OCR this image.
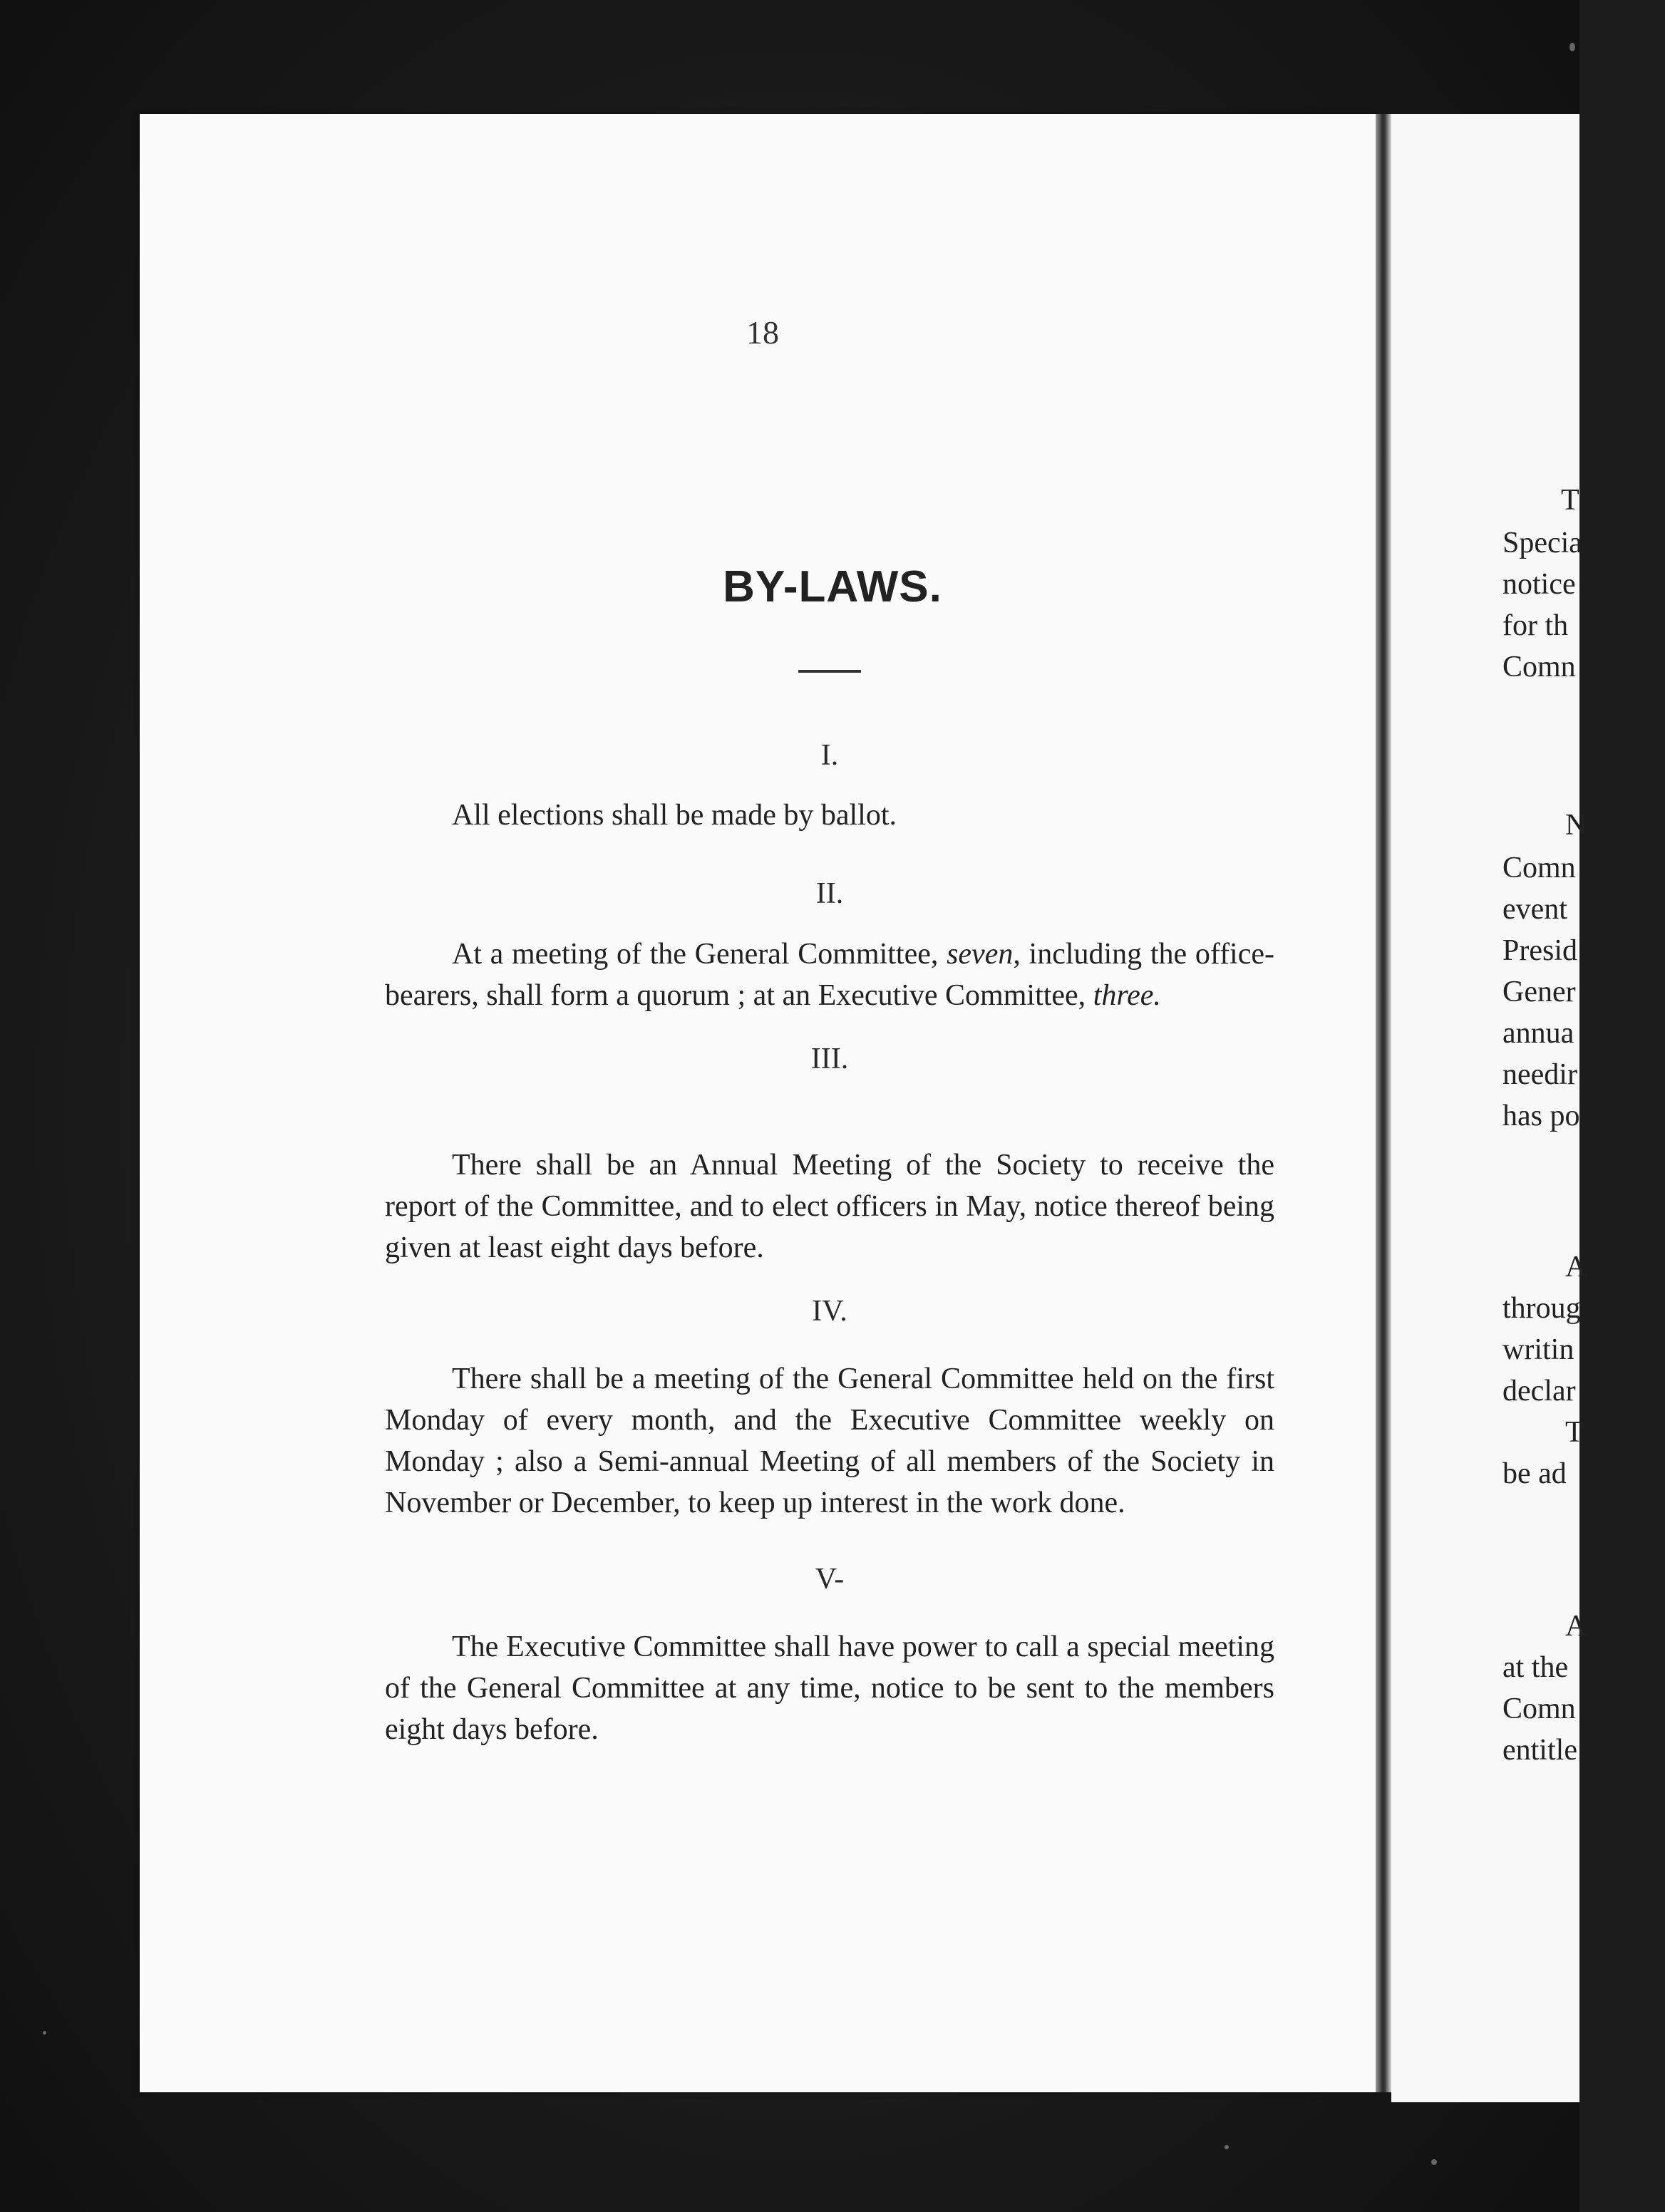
18
BY-LAWS.
I.
All elections shall be made by ballot.
II.
At a meeting of the General Committee, seven, including the office-bearers, shall form a quorum ; at an Executive Committee, three.
III.
There shall be an Annual Meeting of the Society to receive the report of the Committee, and to elect officers in May, notice thereof being given at least eight days before.
IV.
There shall be a meeting of the General Committee held on the first Monday of every month, and the Executive Committee weekly on Monday ; also a Semi-annual Meeting of all members of the Society in November or December, to keep up interest in the work done.
V-
The Executive Committee shall have power to call a special meeting of the General Committee at any time, notice to be sent to the members eight days before.
T
Specia
notice
for th
Comn
N
Comn
event
Presid
Gener
annua
needir
has po
A
throug
writin
declar
T
be ad
A
at the
Comn
entitle
